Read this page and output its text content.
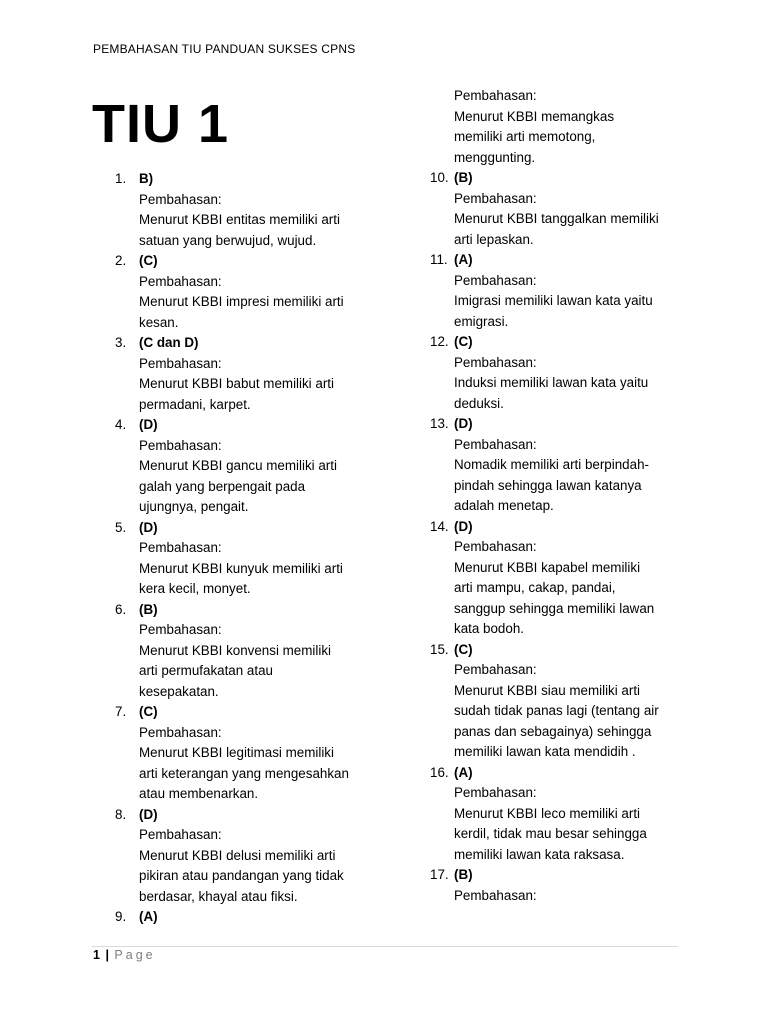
PEMBAHASAN TIU PANDUAN SUKSES CPNS
TIU 1
1. B)
Pembahasan:
Menurut KBBI entitas memiliki arti
satuan yang berwujud, wujud.
2. (C)
Pembahasan:
Menurut KBBI impresi memiliki arti
kesan.
3. (C dan D)
Pembahasan:
Menurut KBBI babut memiliki arti
permadani, karpet.
4. (D)
Pembahasan:
Menurut KBBI gancu memiliki arti
galah yang berpengait pada
ujungnya, pengait.
5. (D)
Pembahasan:
Menurut KBBI kunyuk memiliki arti
kera kecil, monyet.
6. (B)
Pembahasan:
Menurut KBBI konvensi memiliki
arti permufakatan atau
kesepakatan.
7. (C)
Pembahasan:
Menurut KBBI legitimasi memiliki
arti keterangan yang mengesahkan
atau membenarkan.
8. (D)
Pembahasan:
Menurut KBBI delusi memiliki arti
pikiran atau pandangan yang tidak
berdasar, khayal atau fiksi.
9. (A)
Pembahasan:
Menurut KBBI memangkas
memiliki arti memotong,
menggunting.
10. (B)
Pembahasan:
Menurut KBBI tanggalkan memiliki
arti lepaskan.
11. (A)
Pembahasan:
Imigrasi memiliki lawan kata yaitu
emigrasi.
12. (C)
Pembahasan:
Induksi memiliki lawan kata yaitu
deduksi.
13. (D)
Pembahasan:
Nomadik memiliki arti berpindah-
pindah sehingga lawan katanya
adalah menetap.
14. (D)
Pembahasan:
Menurut KBBI kapabel memiliki
arti mampu, cakap, pandai,
sanggup sehingga memiliki lawan
kata bodoh.
15. (C)
Pembahasan:
Menurut KBBI siau memiliki arti
sudah tidak panas lagi (tentang air
panas dan sebagainya) sehingga
memiliki lawan kata mendidih .
16. (A)
Pembahasan:
Menurut KBBI leco memiliki arti
kerdil, tidak mau besar sehingga
memiliki lawan kata raksasa.
17. (B)
Pembahasan:
1 | Page
